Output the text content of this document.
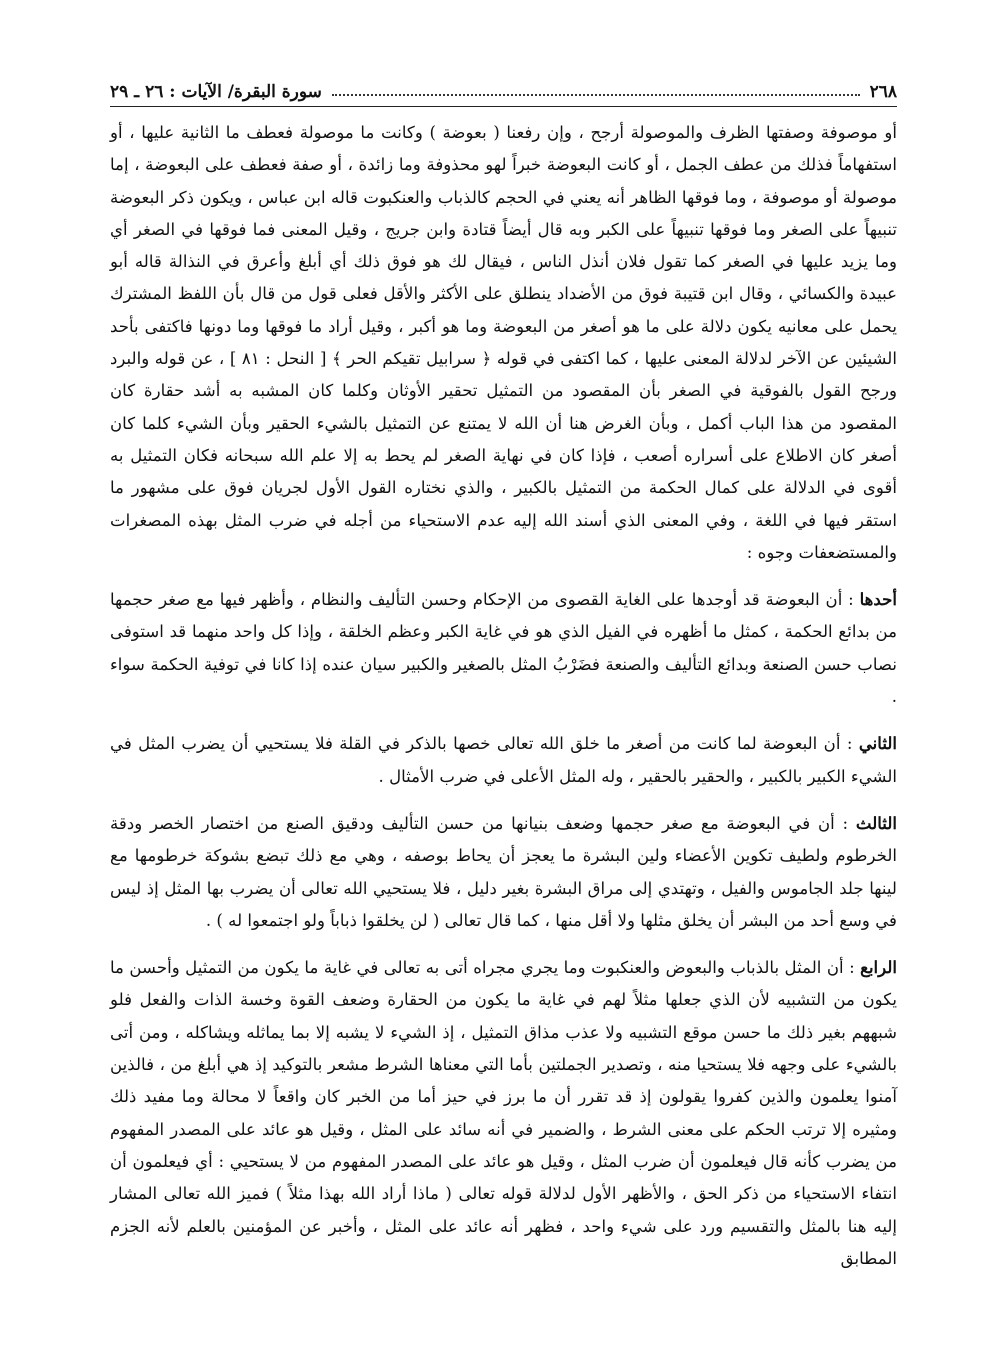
٢٦٨
سورة البقرة/ الآيات : ٢٦ ـ ٢٩

أو موصوفة وصفتها الظرف والموصولة أرجح ، وإن رفعنا ( بعوضة ) وكانت ما موصولة فعطف ما الثانية عليها ، أو استفهاماً فذلك من عطف الجمل ، أو كانت البعوضة خبراً لهو محذوفة وما زائدة ، أو صفة فعطف على البعوضة ، إما موصولة أو موصوفة ، وما فوقها الظاهر أنه يعني في الحجم كالذباب والعنكبوت قاله ابن عباس ، ويكون ذكر البعوضة تنبيهاً على الصغر وما فوقها تنبيهاً على الكبر وبه قال أيضاً قتادة وابن جريج ، وقيل المعنى فما فوقها في الصغر أي وما يزيد عليها في الصغر كما تقول فلان أنذل الناس ، فيقال لك هو فوق ذلك أي أبلغ وأعرق في النذالة قاله أبو عبيدة والكسائي ، وقال ابن قتيبة فوق من الأضداد ينطلق على الأكثر والأقل فعلى قول من قال بأن اللفظ المشترك يحمل على معانيه يكون دلالة على ما هو أصغر من البعوضة وما هو أكبر ، وقيل أراد ما فوقها وما دونها فاكتفى بأحد الشيئين عن الآخر لدلالة المعنى عليها ، كما اكتفى في قوله ﴿ سرابيل تقيكم الحر ﴾ [ النحل : ٨١ ] ، عن قوله والبرد ورجح القول بالفوقية في الصغر بأن المقصود من التمثيل تحقير الأوثان وكلما كان المشبه به أشد حقارة كان المقصود من هذا الباب أكمل ، وبأن الغرض هنا أن الله لا يمتنع عن التمثيل بالشيء الحقير وبأن الشيء كلما كان أصغر كان الاطلاع على أسراره أصعب ، فإذا كان في نهاية الصغر لم يحط به إلا علم الله سبحانه فكان التمثيل به أقوى في الدلالة على كمال الحكمة من التمثيل بالكبير ، والذي نختاره القول الأول لجريان فوق على مشهور ما استقر فيها في اللغة ، وفي المعنى الذي أسند الله إليه عدم الاستحياء من أجله في ضرب المثل بهذه المصغرات والمستضعفات وجوه :

أحدها : أن البعوضة قد أوجدها على الغاية القصوى من الإحكام وحسن التأليف والنظام ، وأظهر فيها مع صغر حجمها من بدائع الحكمة ، كمثل ما أظهره في الفيل الذي هو في غاية الكبر وعظم الخلقة ، وإذا كل واحد منهما قد استوفى نصاب حسن الصنعة وبدائع التأليف والصنعة فضَرْبُ المثل بالصغير والكبير سيان عنده إذا كانا في توفية الحكمة سواء .

الثاني : أن البعوضة لما كانت من أصغر ما خلق الله تعالى خصها بالذكر في القلة فلا يستحيي أن يضرب المثل في الشيء الكبير بالكبير ، والحقير بالحقير ، وله المثل الأعلى في ضرب الأمثال .

الثالث : أن في البعوضة مع صغر حجمها وضعف بنيانها من حسن التأليف ودقيق الصنع من اختصار الخصر ودقة الخرطوم ولطيف تكوين الأعضاء ولين البشرة ما يعجز أن يحاط بوصفه ، وهي مع ذلك تبضع بشوكة خرطومها مع لينها جلد الجاموس والفيل ، وتهتدي إلى مراق البشرة بغير دليل ، فلا يستحيي الله تعالى أن يضرب بها المثل إذ ليس في وسع أحد من البشر أن يخلق مثلها ولا أقل منها ، كما قال تعالى ( لن يخلقوا ذباباً ولو اجتمعوا له ) .

الرابع : أن المثل بالذباب والبعوض والعنكبوت وما يجري مجراه أتى به تعالى في غاية ما يكون من التمثيل وأحسن ما يكون من التشبيه لأن الذي جعلها مثلاً لهم في غاية ما يكون من الحقارة وضعف القوة وخسة الذات والفعل فلو شبههم بغير ذلك ما حسن موقع التشبيه ولا عذب مذاق التمثيل ، إذ الشيء لا يشبه إلا بما يماثله ويشاكله ، ومن أتى بالشيء على وجهه فلا يستحيا منه ، وتصدير الجملتين بأما التي معناها الشرط مشعر بالتوكيد إذ هي أبلغ من ، فالذين آمنوا يعلمون والذين كفروا يقولون إذ قد تقرر أن ما برز في حيز أما من الخبر كان واقعاً لا محالة وما مفيد ذلك ومثيره إلا ترتب الحكم على معنى الشرط ، والضمير في أنه سائد على المثل ، وقيل هو عائد على المصدر المفهوم من يضرب كأنه قال فيعلمون أن ضرب المثل ، وقيل هو عائد على المصدر المفهوم من لا يستحيي : أي فيعلمون أن انتفاء الاستحياء من ذكر الحق ، والأظهر الأول لدلالة قوله تعالى ( ماذا أراد الله بهذا مثلاً ) فميز الله تعالى المشار إليه هنا بالمثل والتقسيم ورد على شيء واحد ، فظهر أنه عائد على المثل ، وأخبر عن المؤمنين بالعلم لأنه الجزم المطابق
